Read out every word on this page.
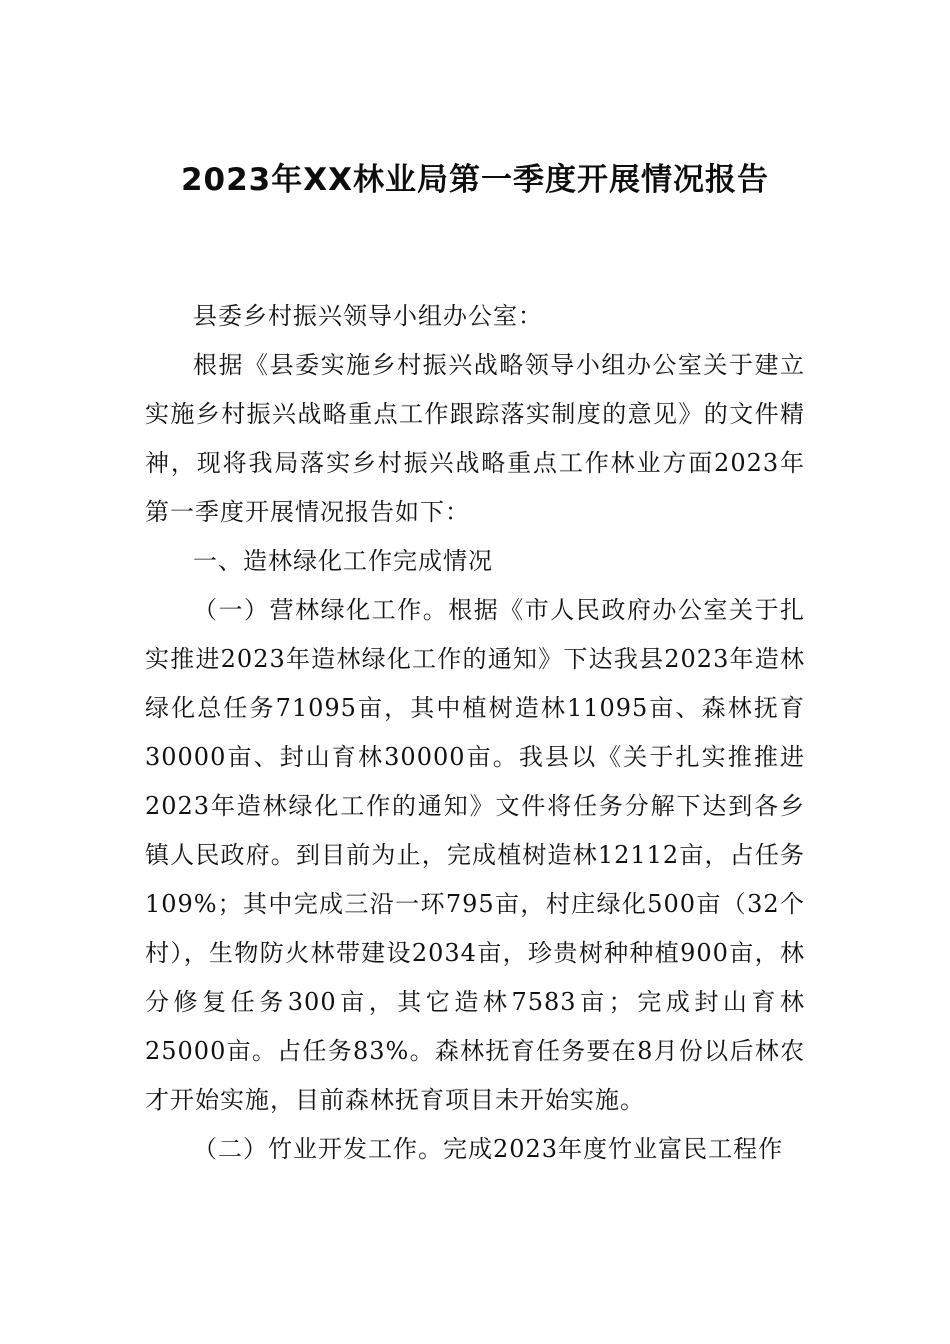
2023年XX林业局第一季度开展情况报告

县委乡村振兴领导小组办公室：

根据《县委实施乡村振兴战略领导小组办公室关于建立实施乡村振兴战略重点工作跟踪落实制度的意见》的文件精神，现将我局落实乡村振兴战略重点工作林业方面2023年第一季度开展情况报告如下：

一、造林绿化工作完成情况

（一）营林绿化工作。根据《市人民政府办公室关于扎实推进2023年造林绿化工作的通知》下达我县2023年造林绿化总任务71095亩，其中植树造林11095亩、森林抚育30000亩、封山育林30000亩。我县以《关于扎实推推进2023年造林绿化工作的通知》文件将任务分解下达到各乡镇人民政府。到目前为止，完成植树造林12112亩，占任务109%；其中完成三沿一环795亩，村庄绿化500亩（32个村），生物防火林带建设2034亩，珍贵树种种植900亩，林分修复任务300亩，其它造林7583亩；完成封山育林25000亩。占任务83%。森林抚育任务要在8月份以后林农才开始实施，目前森林抚育项目未开始实施。

（二）竹业开发工作。完成2023年度竹业富民工程作
